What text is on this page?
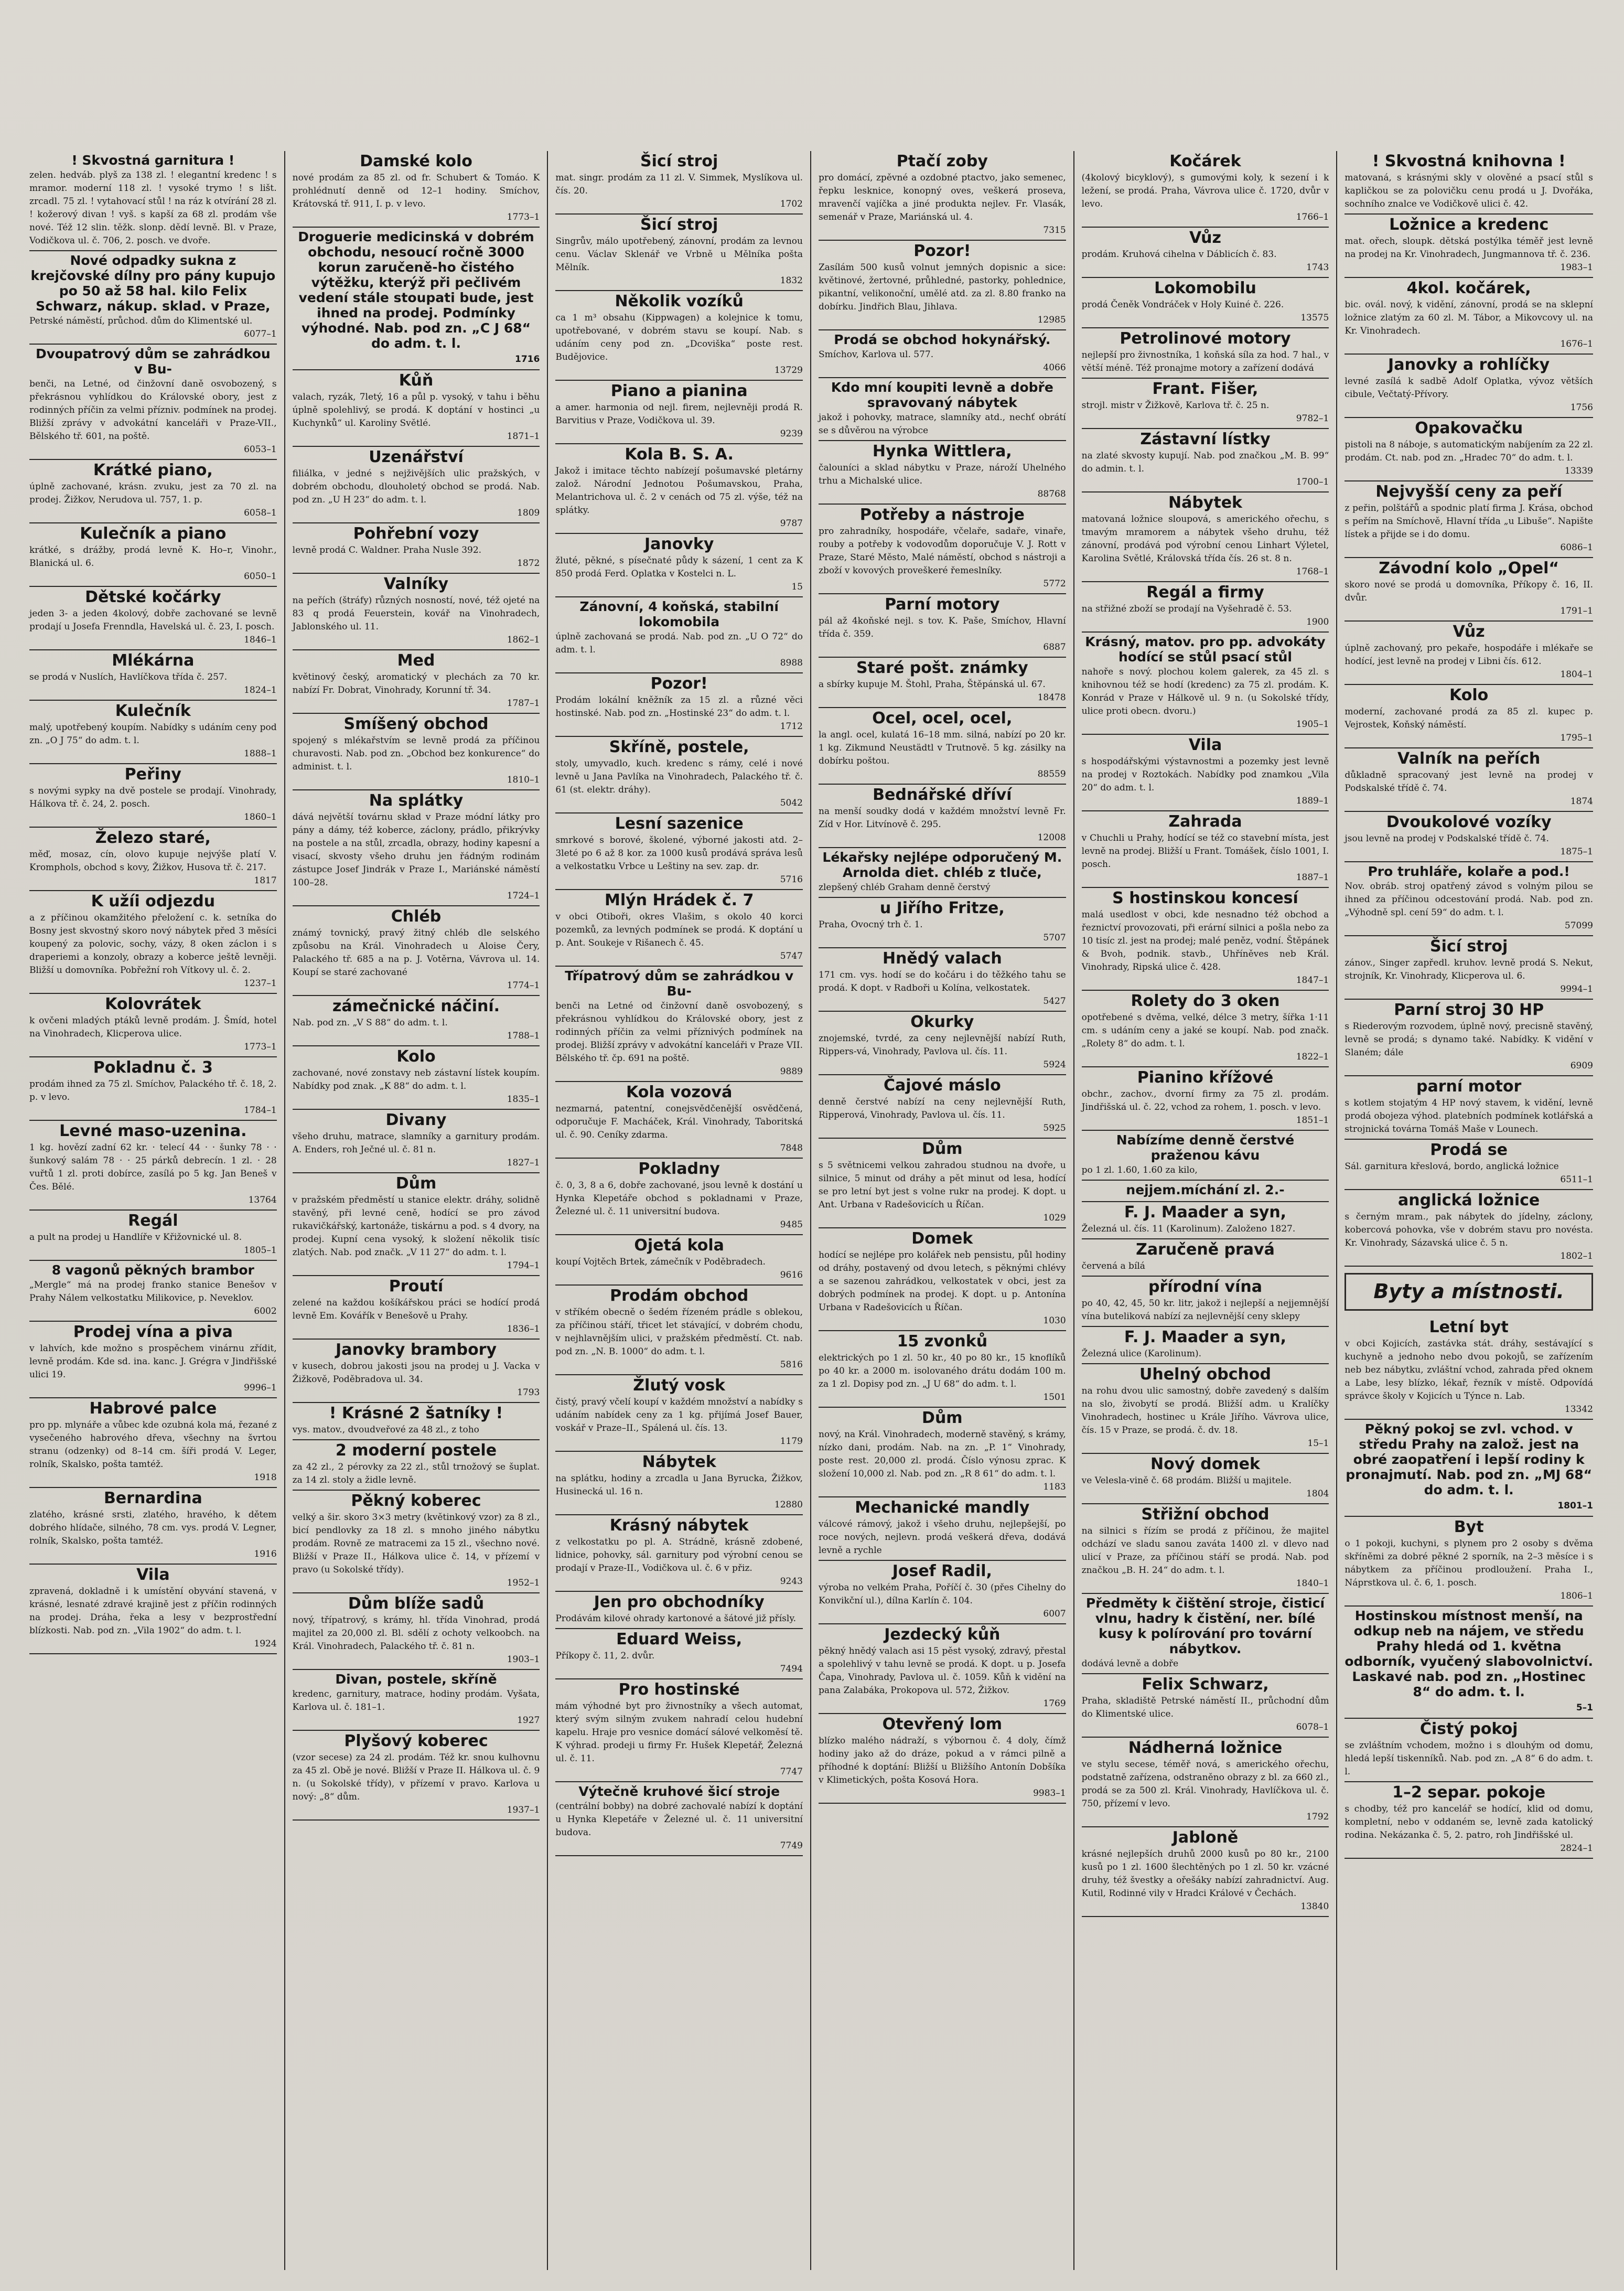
! Skvostná garnitura !
zelen. hedváb. plyš za 138 zl. ! elegantní kredenc ! s mramor. moderní 118 zl. ! vysoké trymo ! s lišt. zrcadl. 75 zl. ! vytahovací stůl ! na ráz k otvírání 28 zl. ! kožerový divan ! vyš. s kapší za 68 zl. prodám vše nové. Též 12 slin. těžk. slonp. dědí levně. Bl. v Praze, Vodičkova ul. č. 706, 2. posch. ve dvoře.
Nové odpadky sukna z krejčovské dílny pro pány kupujo po 50 až 58 hal. kilo Felix Schwarz, nákup. sklad. v Praze,
Petrské náměstí, průchod. dům do Klimentské ul.
6077–1
Dvoupatrový dům se zahrádkou v Bu-
benči, na Letné, od činžovní daně osvobozený, s překrásnou vyhlídkou do Královské obory, jest z rodinných příčin za velmi přízniv. podmínek na prodej. Bližší zprávy v advokátní kanceláři v Praze-VII., Bělského tř. 601, na poště.
6053–1
Krátké piano,
úplně zachované, krásn. zvuku, jest za 70 zl. na prodej. Žižkov, Nerudova ul. 757, 1. p.
6058–1
Kulečník a piano
krátké, s drážby, prodá levně K. Ho–r, Vinohr., Blanická ul. 6.
6050–1
Dětské kočárky
jeden 3- a jeden 4kolový, dobře zachované se levně prodají u Josefa Frenndla, Havelská ul. č. 23, I. posch.
1846–1
Mlékárna
se prodá v Nuslích, Havlíčkova třída č. 257.
1824–1
Kulečník
malý, upotřebený koupím. Nabídky s udáním ceny pod zn. „O J 75“ do adm. t. l.
1888–1
Peřiny
s novými sypky na dvě postele se prodají. Vinohrady, Hálkova tř. č. 24, 2. posch.
1860–1
Železo staré,
měď, mosaz, cín, olovo kupuje nejvýše platí V. Kromphols, obchod s kovy, Žižkov, Husova tř. č. 217.
1817
K užíi odjezdu
a z příčinou okamžitého přeložení c. k. setníka do Bosny jest skvostný skoro nový nábytek před 3 měsíci koupený za polovic, sochy, vázy, 8 oken záclon i s draperiemi a konzoly, obrazy a koberce ještě levněji. Bližší u domovníka. Pobřežní roh Vítkovy ul. č. 2.
1237–1
Kolovrátek
k ovčeni mladých ptáků levně prodám. J. Šmíd, hotel na Vinohradech, Klicperova ulice.
1773–1
Pokladnu č. 3
prodám ihned za 75 zl. Smíchov, Palackého tř. č. 18, 2. p. v levo.
1784–1
Levné maso-uzenina.
1 kg. hovězí zadní 62 kr. · telecí 44 · · šunky 78 · · šunkový salám 78 · · 25 párků debrecín. 1 zl. · 28 vuřtů 1 zl. proti dobírce, zasílá po 5 kg. Jan Beneš v Čes. Bělé.
13764
Regál
a pult na prodej u Handlíře v Křižovnické ul. 8.
1805–1
8 vagonů pěkných brambor
„Mergle“ má na prodej franko stanice Benešov v Prahy Nálem velkostatku Milikovice, p. Neveklov.
6002
Prodej vína a piva
v lahvích, kde možno s prospěchem vinárnu zřídit, levně prodám. Kde sd. ina. kanc. J. Grégra v Jindřišské ulici 19.
9996–1
Habrové palce
pro pp. mlynáře a vůbec kde ozubná kola má, řezané z vysečeného habrového dřeva, všechny na švrtou stranu (odzenky) od 8–14 cm. šíři prodá V. Leger, rolník, Skalsko, pošta tamtéž.
1918
Bernardina
zlatého, krásné srsti, zlatého, hravého, k dětem dobrého hlídače, silného, 78 cm. vys. prodá V. Legner, rolník, Skalsko, pošta tamtéž.
1916
Vila
zpravená, dokladně i k umístění obyvání stavená, v krásné, lesnaté zdravé krajině jest z příčin rodinných na prodej. Dráha, řeka a lesy v bezprostřední blízkosti. Nab. pod zn. „Vila 1902“ do adm. t. l.
1924
Damské kolo
nové prodám za 85 zl. od fr. Schubert & Tomáo. K prohlédnutí denně od 12–1 hodiny. Smíchov, Krátovská tř. 911, I. p. v levo.
1773–1
Droguerie medicinská v dobrém obchodu, nesoucí ročně 3000 korun zaručeně-ho čistého výtěžku, kterýž při pečlivém vedení stále stoupati bude, jest ihned na prodej. Podmínky výhodné. Nab. pod zn. „C J 68“ do adm. t. l.
1716
Kůň
valach, ryzák, 7letý, 16 a půl p. vysoký, v tahu i běhu úplně spolehlivý, se prodá. K doptání v hostinci „u Kuchynků“ ul. Karoliny Světlé.
1871–1
Uzenářství
filiálka, v jedné s nejživějších ulic pražských, v dobrém obchodu, dlouholetý obchod se prodá. Nab. pod zn. „U H 23“ do adm. t. l.
1809
Pohřební vozy
levně prodá C. Waldner. Praha Nusle 392.
1872
Valníky
na peřích (štráfy) různých nosností, nové, též ojeté na 83 q prodá Feuerstein, kovář na Vinohradech, Jablonského ul. 11.
1862–1
Med
květinový český, aromatický v plechách za 70 kr. nabízí Fr. Dobrat, Vinohrady, Korunní tř. 34.
1787–1
Smíšený obchod
spojený s mlékařstvím se levně prodá za příčinou churavosti. Nab. pod zn. „Obchod bez konkurence“ do administ. t. l.
1810–1
Na splátky
dává největší továrnu skład v Praze módní látky pro pány a dámy, též koberce, záclony, prádlo, přikrývky na postele a na stůl, zrcadla, obrazy, hodiny kapesní a visací, skvosty všeho druhu jen řádným rodinám zástupce Josef Jindrák v Praze I., Mariánské náměstí 100–28.
1724–1
Chléb
známý tovnický, pravý žitný chléb dle selského způsobu na Král. Vinohradech u Aloise Čery, Palackého tř. 685 a na p. J. Votěrna, Vávrova ul. 14. Koupí se staré zachované
1774–1
zámečnické náčiní.
Nab. pod zn. „V S 88“ do adm. t. l.
1788–1
Kolo
zachované, nové zonstavy neb zástavní lístek koupím. Nabídky pod znak. „K 88“ do adm. t. l.
1835–1
Divany
všeho druhu, matrace, slamníky a garnitury prodám. A. Enders, roh Ječné ul. č. 81 n.
1827–1
Dům
v pražském předměstí u stanice elektr. dráhy, solidně stavěný, při levné ceně, hodící se pro závod rukavičkářský, kartonáže, tiskárnu a pod. s 4 dvory, na prodej. Kupní cena vysoký, k složení několik tisíc zlatých. Nab. pod značk. „V 11 27“ do adm. t. l.
1794–1
Proutí
zelené na každou košíkářskou práci se hodící prodá levně Em. Kovářík v Benešově u Prahy.
1836–1
Janovky brambory
v kusech, dobrou jakosti jsou na prodej u J. Vacka v Žižkově, Poděbradova ul. 34.
1793
! Krásné 2 šatníky !
vys. matov., dvoudveřové za 48 zl., z toho
2 moderní postele
za 42 zl., 2 pérovky za 22 zl., stůl trnožový se šuplat. za 14 zl. stoly a židle levně.
Pěkný koberec
velký a šir. skoro 3×3 metry (květinkový vzor) za 8 zl., bicí pendlovky za 18 zl. s mnoho jiného nábytku prodám. Rovně ze matracemi za 15 zl., všechno nové. Bližší v Praze II., Hálkova ulice č. 14, v přízemí v pravo (u Sokolské třídy).
1952–1
Dům blíže sadů
nový, třípatrový, s krámy, hl. třída Vinohrad, prodá majitel za 20,000 zl. Bl. sdělí z ochoty velkoobch. na Král. Vinohradech, Palackého tř. č. 81 n.
1903–1
Divan, postele, skříně
kredenc, garnitury, matrace, hodiny prodám. Vyšata, Karlova ul. č. 181–1.
1927
Plyšový koberec
(vzor secese) za 24 zl. prodám. Též kr. snou kulhovnu za 45 zl. Obě je nové. Bližší v Praze II. Hálkova ul. č. 9 n. (u Sokolské třídy), v přízemí v pravo. Karlova u nový: „8“ dům.
1937–1
Šicí stroj
mat. singr. prodám za 11 zl. V. Simmek, Myslíkova ul. čís. 20.
1702
Šicí stroj
Singrův, málo upotřebený, zánovní, prodám za levnou cenu. Václav Sklenář ve Vrbně u Mělníka pošta Mělník.
1832
Několik vozíků
ca 1 m³ obsahu (Kippwagen) a kolejnice k tomu, upotřebované, v dobrém stavu se koupí. Nab. s udáním ceny pod zn. „Dcoviška“ poste rest. Budějovice.
13729
Piano a pianina
a amer. harmonia od nejl. firem, nejlevněji prodá R. Barvitius v Praze, Vodičkova ul. 39.
9239
Kola B. S. A.
Jakož i imitace těchto nabízejí pošumavské pletárny založ. Národní Jednotou Pošumavskou, Praha, Melantrichova ul. č. 2 v cenách od 75 zl. výše, též na splátky.
9787
Janovky
žluté, pěkné, s písečnaté půdy k sázení, 1 cent za K 850 prodá Ferd. Oplatka v Kostelci n. L.
15
Zánovní, 4 koňská, stabilní lokomobila
úplně zachovaná se prodá. Nab. pod zn. „U O 72“ do adm. t. l.
8988
Pozor!
Prodám lokální kněžník za 15 zl. a různé věci hostinské. Nab. pod zn. „Hostinské 23“ do adm. t. l.
1712
Skříně, postele,
stoly, umyvadlo, kuch. kredenc s rámy, celé i nové levně u Jana Pavlíka na Vinohradech, Palackého tř. č. 61 (st. elektr. dráhy).
5042
Lesní sazenice
smrkové s borové, školené, výborné jakosti atd. 2–3leté po 6 až 8 kor. za 1000 kusů prodává správa lesů a velkostatku Vrbce u Leštiny na sev. zap. dr.
5716
Mlýn Hrádek č. 7
v obci Otiboři, okres Vlašim, s okolo 40 korci pozemků, za levných podmínek se prodá. K doptání u p. Ant. Soukeje v Rišanech č. 45.
5747
Třípatrový dům se zahrádkou v Bu-
benči na Letné od činžovní daně osvobozený, s překrásnou vyhlídkou do Královské obory, jest z rodinných příčin za velmi příznivých podmínek na prodej. Bližší zprávy v advokátní kanceláři v Praze VII. Bělského tř. čp. 691 na poště.
9889
Kola vozová
nezmarná, patentní, conejsvědčenější osvědčená, odporučuje F. Macháček, Král. Vinohrady, Taboritská ul. č. 90. Ceníky zdarma.
7848
Pokladny
č. 0, 3, 8 a 6, dobře zachované, jsou levně k dostání u Hynka Klepetáře obchod s pokladnami v Praze, Železné ul. č. 11 universitní budova.
9485
Ojetá kola
koupí Vojtěch Brtek, zámečník v Poděbradech.
9616
Prodám obchod
v stříkém obecně o šedém řízeném prádle s oblekou, za příčinou stáří, třicet let stávající, v dobrém chodu, v nejhlavnějším ulici, v pražském předměstí. Ct. nab. pod zn. „N. B. 1000“ do adm. t. l.
5816
Žlutý vosk
čistý, pravý včelí koupí v každém množství a nabídky s udáním nabídek ceny za 1 kg. přijímá Josef Bauer, voskář v Praze–II., Spálená ul. čís. 13.
1179
Nábytek
na splátku, hodiny a zrcadla u Jana Byrucka, Žižkov, Husinecká ul. 16 n.
12880
Krásný nábytek
z velkostatku po pl. A. Strádně, krásně zdobené, lidnice, pohovky, sál. garnitury pod výrobní cenou se prodají v Praze-II., Vodičkova ul. č. 6 v přiz.
9243
Jen pro obchodníky
Prodávám kilové ohrady kartonové a šátové již přísly.
Eduard Weiss,
Příkopy č. 11, 2. dvůr.
7494
Pro hostinské
mám výhodné byt pro živnostníky a všech automat, který svým silným zvukem nahradí celou hudební kapelu. Hraje pro vesnice domácí sálové velkoměsí tě. K výhrad. prodeji u firmy Fr. Hušek Klepetář, Železná ul. č. 11.
7747
Výtečně kruhové šicí stroje
(centrální bobby) na dobré zachovalé nabízí k doptání u Hynka Klepetáře v Železné ul. č. 11 universitní budova.
7749
Ptačí zoby
pro domácí, zpěvné a ozdobné ptactvo, jako semenec, řepku lesknice, konopný oves, veškerá proseva, mravenčí vajíčka a jiné produkta nejlev. Fr. Vlasák, semenář v Praze, Mariánská ul. 4.
7315
Pozor!
Zasílám 500 kusů volnut jemných dopisnic a sice: květinové, žertovné, průhledné, pastorky, pohlednice, pikantní, velikonoční, umělé atd. za zl. 8.80 franko na dobírku. Jindřich Blau, Jihlava.
12985
Prodá se obchod hokynářský.
Smíchov, Karlova ul. 577.
4066
Kdo mní koupiti levně a dobře spravovaný nábytek
jakož i pohovky, matrace, slamníky atd., nechť obrátí se s důvěrou na výrobce
Hynka Wittlera,
čalouníci a sklad nábytku v Praze, nároží Uhelného trhu a Michalské ulice.
88768
Potřeby a nástroje
pro zahradníky, hospodáře, včelaře, sadaře, vinaře, rouby a potřeby k vodovodům doporučuje V. J. Rott v Praze, Staré Město, Malé náměstí, obchod s nástroji a zboží v kovových proveškeré řemeslníky.
5772
Parní motory
pál až 4koňské nejl. s tov. K. Paše, Smíchov, Hlavní třída č. 359.
6887
Staré pošt. známky
a sbírky kupuje M. Štohl, Praha, Štěpánská ul. 67.
18478
Ocel, ocel, ocel,
la angl. ocel, kulatá 16–18 mm. silná, nabízí po 20 kr. 1 kg. Zikmund Neustädtl v Trutnově. 5 kg. zásilky na dobírku poštou.
88559
Bednářské dříví
na menší soudky dodá v každém množství levně Fr. Zíd v Hor. Litvínově č. 295.
12008
Lékařsky nejlépe odporučený M. Arnolda diet. chléb z tluče,
zlepšený chléb Graham denně čerstvý
u Jiřího Fritze,
Praha, Ovocný trh č. 1.
5707
Hnědý valach
171 cm. vys. hodí se do kočáru i do těžkého tahu se prodá. K dopt. v Radboři u Kolína, velkostatek.
5427
Okurky
znojemské, tvrdé, za ceny nejlevnější nabízí Ruth, Rippers-vá, Vinohrady, Pavlova ul. čís. 11.
5924
Čajové máslo
denně čerstvé nabízí na ceny nejlevnější Ruth, Ripperová, Vinohrady, Pavlova ul. čís. 11.
5925
Dům
s 5 světnicemi velkou zahradou studnou na dvoře, u silnice, 5 minut od dráhy a pět minut od lesa, hodící se pro letní byt jest s volne rukr na prodej. K dopt. u Ant. Urbana v Radešovicích u Říčan.
1029
Domek
hodící se nejlépe pro kolářek neb pensistu, půl hodiny od dráhy, postavený od dvou letech, s pěknými chlévy a se sazenou zahrádkou, velkostatek v obci, jest za dobrých podmínek na prodej. K dopt. u p. Antonína Urbana v Radešovicích u Říčan.
1030
15 zvonků
elektrických po 1 zl. 50 kr., 40 po 80 kr., 15 knoflíků po 40 kr. a 2000 m. isolovaného drátu dodám 100 m. za 1 zl. Dopisy pod zn. „J U 68“ do adm. t. l.
1501
Dům
nový, na Král. Vinohradech, moderně stavěný, s krámy, nízko dani, prodám. Nab. na zn. „P. 1“ Vinohrady, poste rest. 20,000 zl. prodá. Číslo výnosu zprac. K složení 10,000 zl. Nab. pod zn. „R 8 61“ do adm. t. l.
1183
Mechanické mandly
válcové rámový, jakož i všeho druhu, nejlepšejší, po roce nových, nejlevn. prodá veškerá dřeva, dodává levně a rychle
Josef Radil,
výroba no velkém Praha, Poříčí č. 30 (přes Cihelny do Konvikční ul.), dílna Karlín č. 104.
6007
Jezdecký kůň
pěkný hnědý valach asi 15 pěst vysoký, zdravý, přestal a spolehlivý v tahu levně se prodá. K dopt. u p. Josefa Čapa, Vinohrady, Pavlova ul. č. 1059. Kůň k vidění na pana Zalabáka, Prokopova ul. 572, Žižkov.
1769
Otevřený lom
blízko malého nádraží, s výbornou č. 4 doly, čímž hodiny jako až do dráze, pokud a v rámci pilně a příhodné k doptání: Bližší u Bližšího Antonín Dobšíka v Klimetických, pošta Kosová Hora.
9983–1
Kočárek
(4kolový bicyklový), s gumovými koly, k sezení i k ležení, se prodá. Praha, Vávrova ulice č. 1720, dvůr v levo.
1766–1
Vůz
prodám. Kruhová cihelna v Dáblicích č. 83.
1743
Lokomobilu
prodá Čeněk Vondráček v Holy Kuiné č. 226.
13575
Petrolinové motory
nejlepší pro živnostníka, 1 koňská síla za hod. 7 hal., v větší méně. Též pronajme motory a zařízení dodává
Frant. Fišer,
strojl. mistr v Žižkově, Karlova tř. č. 25 n.
9782–1
Zástavní lístky
na zlaté skvosty kupují. Nab. pod značkou „M. B. 99“ do admin. t. l.
1700–1
Nábytek
matovaná ložnice sloupová, s amerického ořechu, s tmavým mramorem a nábytek všeho druhu, též zánovní, prodává pod výrobní cenou Linhart Výletel, Karolina Světlé, Královská třída čís. 26 st. 8 n.
1768–1
Regál a firmy
na střižné zboží se prodají na Vyšehradě č. 53.
1900
Krásný, matov. pro pp. advokáty hodící se stůl psací stůl
nahoře s nový. plochou kolem galerek, za 45 zl. s knihovnou též se hodí (kredenc) za 75 zl. prodám. K. Konrád v Praze v Hálkově ul. 9 n. (u Sokolské třídy, ulice proti obecn. dvoru.)
1905–1
Vila
s hospodářskými výstavnostmi a pozemky jest levně na prodej v Roztokách. Nabídky pod znamkou „Vila 20“ do adm. t. l.
1889–1
Zahrada
v Chuchli u Prahy, hodící se též co stavební místa, jest levně na prodej. Bližší u Frant. Tomášek, číslo 1001, I. posch.
1887–1
S hostinskou koncesí
malá usedlost v obci, kde nesnadno též obchod a řeznictví provozovati, při erární silnici a pošla nebo za 10 tisíc zl. jest na prodej; malé peněz, vodní. Štěpánek & Bvoh, podnik. stavb., Uhříněves neb Král. Vinohrady, Ripská ulice č. 428.
1847–1
Rolety do 3 oken
opotřebené s dvěma, velké, délce 3 metry, šířka 1·11 cm. s udáním ceny a jaké se koupí. Nab. pod značk. „Rolety 8“ do adm. t. l.
1822–1
Pianino křížové
obchr., zachov., dvorní firmy za 75 zl. prodám. Jindřišská ul. č. 22, vchod za rohem, 1. posch. v levo.
1851–1
Nabízíme denně čerstvé praženou kávu
po 1 zl. 1.60, 1.60 za kilo,
nejjem.míchání zl. 2.-
F. J. Maader a syn,
Železná ul. čís. 11 (Karolinum). Založeno 1827.
Zaručeně pravá
červená a bílá
přírodní vína
po 40, 42, 45, 50 kr. litr, jakož i nejlepší a nejjemnější vína buteliková nabízí za nejlevnější ceny sklepy
F. J. Maader a syn,
Železná ulice (Karolinum).
Uhelný obchod
na rohu dvou ulic samostný, dobře zavedený s dalším na slo, živobytí se prodá. Bližší adm. u Kralíčky Vinohradech, hostinec u Krále Jiřího. Vávrova ulice, čís. 15 v Praze, se prodá. č. dv. 18.
15–1
Nový domek
ve Velesla-vině č. 68 prodám. Bližší u majitele.
1804
Střižní obchod
na silnici s řízím se prodá z příčinou, že majitel odchází ve sladu sanou zaváta 1400 zl. v dlevo nad ulicí v Praze, za příčinou stáří se prodá. Nab. pod značkou „B. H. 24“ do adm. t. l.
1840–1
Předměty k čištění stroje, čisticí vlnu, hadry k čistění, ner. bílé kusy k polírování pro tovární nábytkov.
dodává levně a dobře
Felix Schwarz,
Praha, skladiště Petrské náměstí II., průchodní dům do Klimentské ulice.
6078–1
Nádherná ložnice
ve stylu secese, téměř nová, s amerického ořechu, podstatně zařízena, odstraněno obrazy z bl. za 660 zl., prodá se za 500 zl. Král. Vinohrady, Havlíčkova ul. č. 750, přízemí v levo.
1792
Jabloně
krásné nejlepších druhů 2000 kusů po 80 kr., 2100 kusů po 1 zl. 1600 šlechtěných po 1 zl. 50 kr. vzácné druhy, též švestky a ořešáky nabízí zahradnictví. Aug. Kutil, Rodinné vily v Hradci Králové v Čechách.
13840
! Skvostná knihovna !
matovaná, s krásnými skly v olověné a psací stůl s kapličkou se za polovičku cenu prodá u J. Dvořáka, sochního znalce ve Vodičkově ulici č. 42.
Ložnice a kredenc
mat. ořech, sloupk. dětská postýlka téměř jest levně na prodej na Kr. Vinohradech, Jungmannova tř. č. 236.
1983–1
4kol. kočárek,
bic. ovál. nový, k vidění, zánovní, prodá se na sklepní ložnice zlatým za 60 zl. M. Tábor, a Mikovcovy ul. na Kr. Vinohradech.
1676–1
Janovky a rohlíčky
levné zasílá k sadbě Adolf Oplatka, vývoz větších cibule, Večtatý-Přívory.
1756
Opakovačku
pistoli na 8 náboje, s automatickým nabíjením za 22 zl. prodám. Ct. nab. pod zn. „Hradec 70“ do adm. t. l.
13339
Nejvyšší ceny za peří
z peřin, polštářů a spodnic platí firma J. Krása, obchod s peřím na Smíchově, Hlavní třída „u Libuše“. Napište lístek a přijde se i do domu.
6086–1
Závodní kolo „Opel“
skoro nové se prodá u domovníka, Příkopy č. 16, II. dvůr.
1791–1
Vůz
úplně zachovaný, pro pekaře, hospodáře i mlékaře se hodící, jest levně na prodej v Libni čís. 612.
1804–1
Kolo
moderní, zachované prodá za 85 zl. kupec p. Vejrostek, Koňský náměstí.
1795–1
Valník na peřích
důkladně spracovaný jest levně na prodej v Podskalské třídě č. 74.
1874
Dvoukolové vozíky
jsou levně na prodej v Podskalské třídě č. 74.
1875–1
Pro truhláře, kolaře a pod.!
Nov. obráb. stroj opatřený závod s volným pilou se ihned za příčinou odcestování prodá. Nab. pod zn. „Výhodně spl. cení 59“ do adm. t. l.
57099
Šicí stroj
zánov., Singer zapředl. kruhov. levně prodá S. Nekut, strojník, Kr. Vinohrady, Klicperova ul. 6.
9994–1
Parní stroj 30 HP
s Riederovým rozvodem, úplně nový, precisně stavěný, levně se prodá; s dynamo také. Nabídky. K vidění v Slaném; dále
6909
parní motor
s kotlem stojatým 4 HP nový stavem, k vidění, levně prodá obojeza výhod. platebních podmínek kotlářská a strojnická továrna Tomáš Maše v Lounech.
Prodá se
Sál. garnitura křeslová, bordo, anglická ložnice
6511–1
anglická ložnice
s černým mram., pak nábytek do jídelny, záclony, kobercová pohovka, vše v dobrém stavu pro novésta. Kr. Vinohrady, Sázavská ulice č. 5 n.
1802–1
Byty a místnosti.
Letní byt
v obci Kojicích, zastávka stát. dráhy, sestávající s kuchyně a jednoho nebo dvou pokojů, se zařízením neb bez nábytku, zvláštní vchod, zahrada před oknem a Labe, lesy blízko, lékař, řezník v místě. Odpovídá správce školy v Kojicích u Týnce n. Lab.
13342
Pěkný pokoj se zvl. vchod. v středu Prahy na založ. jest na obré zaopatření i lepší rodiny k pronajmutí. Nab. pod zn. „MJ 68“ do adm. t. l.
1801–1
Byt
o 1 pokoji, kuchyni, s plynem pro 2 osoby s dvěma skříněmi za dobré pěkné 2 sporník, na 2–3 měsíce i s nábytkem za příčinou prodloužení. Praha I., Náprstkova ul. č. 6, 1. posch.
1806–1
Hostinskou místnost menší, na odkup neb na nájem, ve středu Prahy hledá od 1. května odborník, vyučený slabovolnictví. Laskavé nab. pod zn. „Hostinec 8“ do adm. t. l.
5–1
Čistý pokoj
se zvláštním vchodem, možno i s dlouhým od domu, hledá lepší tiskenníků. Nab. pod zn. „A 8“ 6 do adm. t. l.
1–2 separ. pokoje
s chodby, též pro kancelář se hodící, klid od domu, kompletní, nebo v oddaném se, levně zada katolický rodina. Nekázanka č. 5, 2. patro, roh Jindřišské ul.
2824–1
